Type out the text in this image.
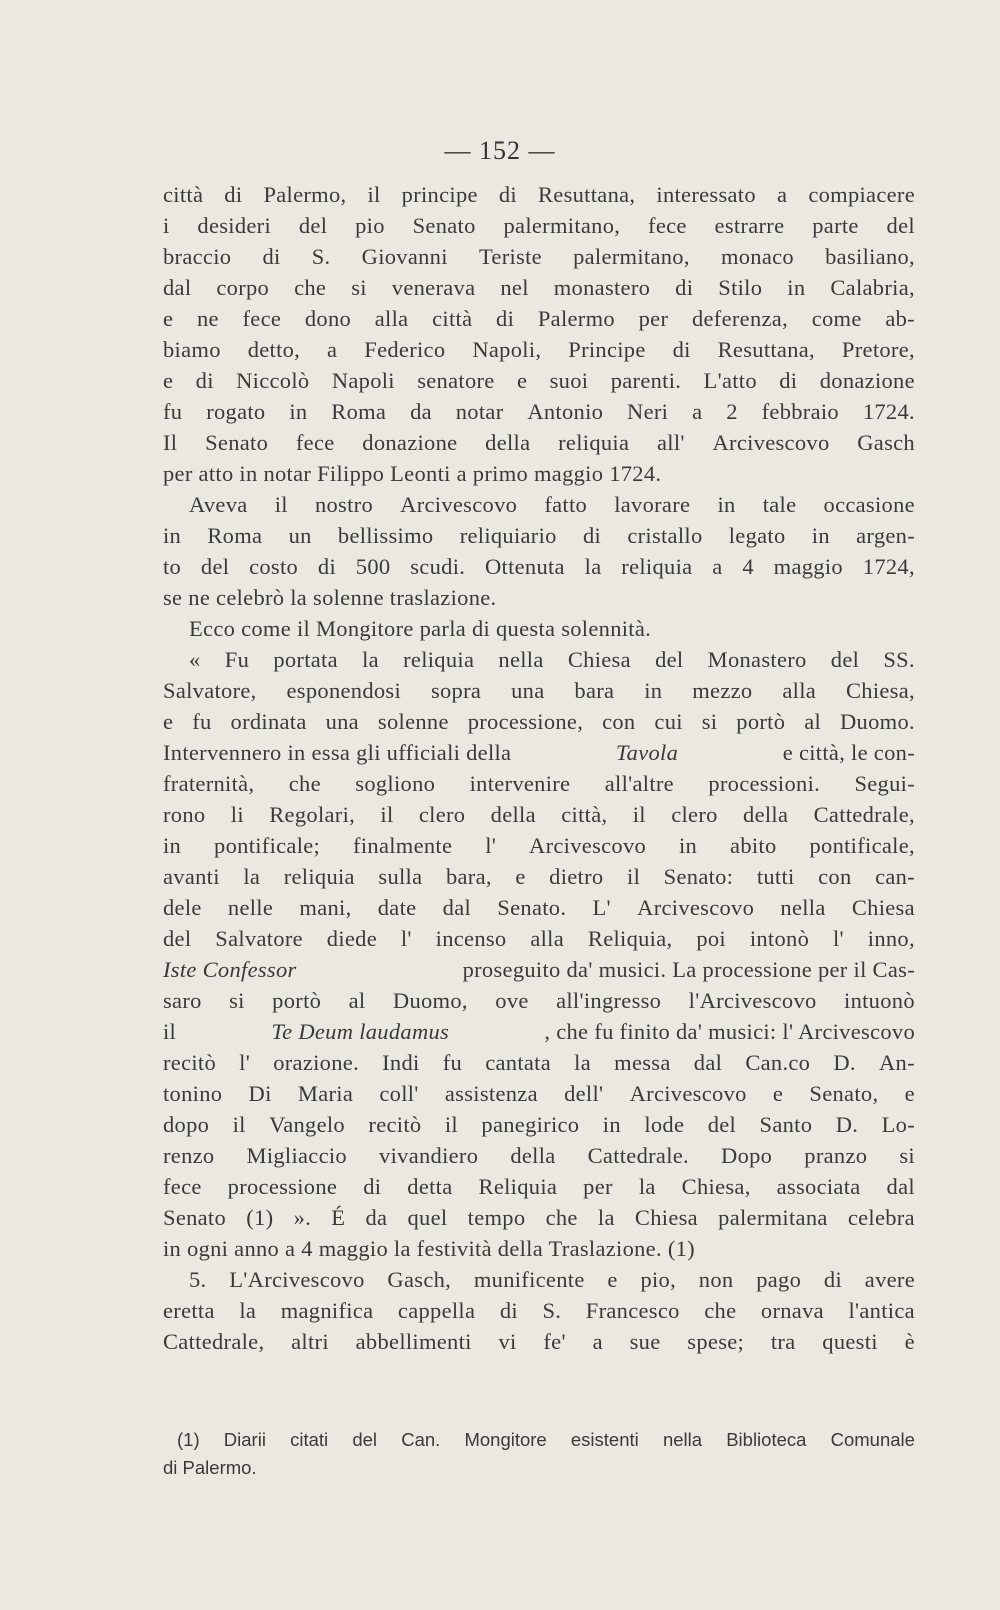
— 152 —
città di Palermo, il principe di Resuttana, interessato a compiacere
i desideri del pio Senato palermitano, fece estrarre parte del
braccio di S. Giovanni Teriste palermitano, monaco basiliano,
dal corpo che si venerava nel monastero di Stilo in Calabria,
e ne fece dono alla città di Palermo per deferenza, come ab-
biamo detto, a Federico Napoli, Principe di Resuttana, Pretore,
e di Niccolò Napoli senatore e suoi parenti. L'atto di donazione
fu rogato in Roma da notar Antonio Neri a 2 febbraio 1724.
Il Senato fece donazione della reliquia all' Arcivescovo Gasch
per atto in notar Filippo Leonti a primo maggio 1724.
Aveva il nostro Arcivescovo fatto lavorare in tale occasione
in Roma un bellissimo reliquiario di cristallo legato in argen-
to del costo di 500 scudi. Ottenuta la reliquia a 4 maggio 1724,
se ne celebrò la solenne traslazione.
Ecco come il Mongitore parla di questa solennità.
« Fu portata la reliquia nella Chiesa del Monastero del SS.
Salvatore, esponendosi sopra una bara in mezzo alla Chiesa,
e fu ordinata una solenne processione, con cui si portò al Duomo.
Intervennero in essa gli ufficiali della	Tavola	e città, le con-
fraternità, che sogliono intervenire all'altre processioni. Segui-
rono li Regolari, il clero della città, il clero della Cattedrale,
in pontificale; finalmente l' Arcivescovo in abito pontificale,
avanti la reliquia sulla bara, e dietro il Senato: tutti con can-
dele nelle mani, date dal Senato. L' Arcivescovo nella Chiesa
del Salvatore diede l' incenso alla Reliquia, poi intonò l' inno,
Iste Confessor	proseguito da' musici. La processione per il Cas-
saro si portò al Duomo, ove all'ingresso l'Arcivescovo intuonò
il	Te Deum laudamus	, che fu finito da' musici: l' Arcivescovo
recitò l' orazione. Indi fu cantata la messa dal Can.co D. An-
tonino Di Maria coll' assistenza dell' Arcivescovo e Senato, e
dopo il Vangelo recitò il panegirico in lode del Santo D. Lo-
renzo Migliaccio vivandiero della Cattedrale. Dopo pranzo si
fece processione di detta Reliquia per la Chiesa, associata dal
Senato (1) ». É da quel tempo che la Chiesa palermitana celebra
in ogni anno a 4 maggio la festività della Traslazione. (1)
5. L'Arcivescovo Gasch, munificente e pio, non pago di avere
eretta la magnifica cappella di S. Francesco che ornava l'antica
Cattedrale, altri abbellimenti vi fe' a sue spese; tra questi è
(1) Diarii citati del Can. Mongitore esistenti nella Biblioteca Comunale
di Palermo.
